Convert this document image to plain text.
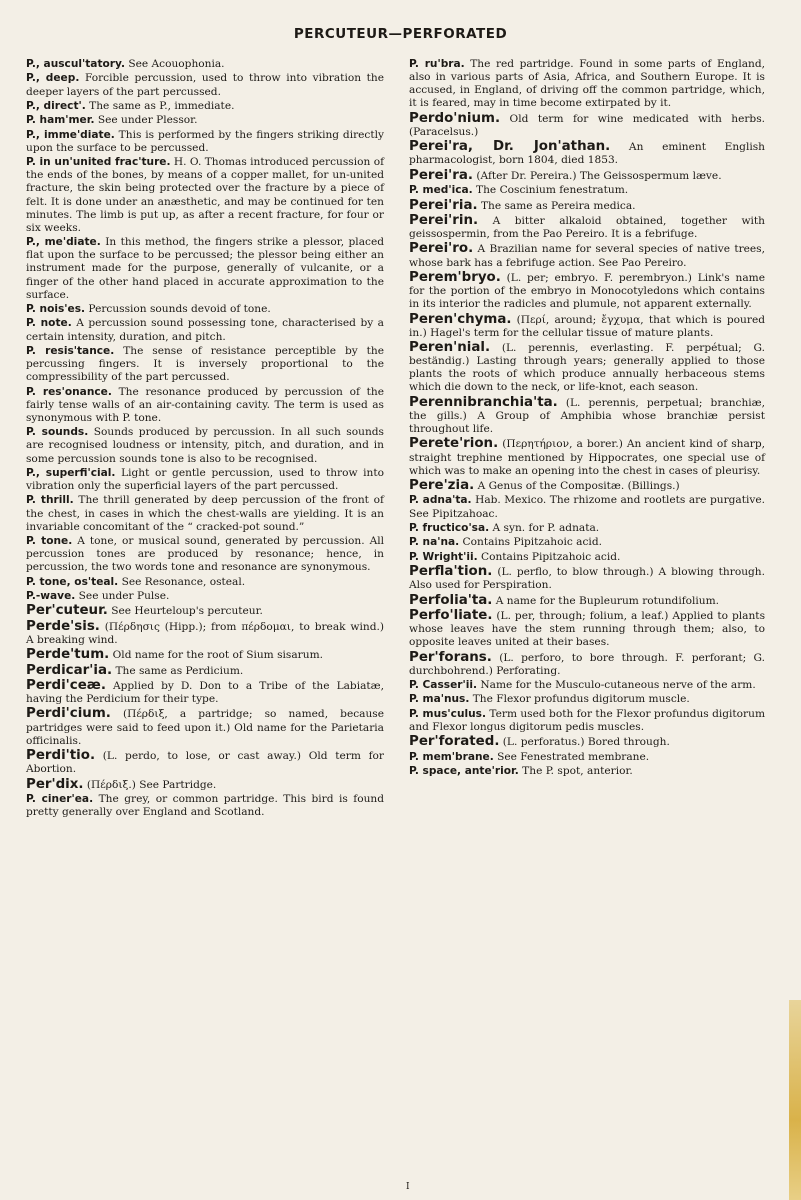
PERCUTEUR—PERFORATED

P., auscul'tatory. See Acouophonia.

P., deep. Forcible percussion, used to throw into vibration the deeper layers of the part percussed.

P., direct'. The same as P., immediate.

P. ham'mer. See under Plessor.

P., imme'diate. This is performed by the fingers striking directly upon the surface to be percussed.

P. in un'united frac'ture. H. O. Thomas introduced percussion of the ends of the bones, by means of a copper mallet, for un-united fracture, the skin being protected over the fracture by a piece of felt. It is done under an anæsthetic, and may be continued for ten minutes. The limb is put up, as after a recent fracture, for four or six weeks.

P., me'diate. In this method, the fingers strike a plessor, placed flat upon the surface to be percussed; the plessor being either an instrument made for the purpose, generally of vulcanite, or a finger of the other hand placed in accurate approximation to the surface.

P. nois'es. Percussion sounds devoid of tone.

P. note. A percussion sound possessing tone, characterised by a certain intensity, duration, and pitch.

P. resis'tance. The sense of resistance perceptible by the percussing fingers. It is inversely proportional to the compressibility of the part percussed.

P. res'onance. The resonance produced by percussion of the fairly tense walls of an air-containing cavity. The term is used as synonymous with P. tone.

P. sounds. Sounds produced by percussion. In all such sounds are recognised loudness or intensity, pitch, and duration, and in some percussion sounds tone is also to be recognised.

P., superfi'cial. Light or gentle percussion, used to throw into vibration only the superficial layers of the part percussed.

P. thrill. The thrill generated by deep percussion of the front of the chest, in cases in which the chest-walls are yielding. It is an invariable concomitant of the “ cracked-pot sound.”

P. tone. A tone, or musical sound, generated by percussion. All percussion tones are produced by resonance; hence, in percussion, the two words tone and resonance are synonymous.

P. tone, os'teal. See Resonance, osteal.

P.-wave. See under Pulse.

Per'cuteur. See Heurteloup's percuteur.

Perde'sis. (Πέρδησις (Hipp.); from πέρδομαι, to break wind.) A breaking wind.

Perde'tum. Old name for the root of Sium sisarum.

Perdicar'ia. The same as Perdicium.

Perdi'ceæ. Applied by D. Don to a Tribe of the Labiatæ, having the Perdicium for their type.

Perdi'cium. (Πέρδιξ, a partridge; so named, because partridges were said to feed upon it.) Old name for the Parietaria officinalis.

Perdi'tio. (L. perdo, to lose, or cast away.) Old term for Abortion.

Per'dix. (Πέρδιξ.) See Partridge.

P. ciner'ea. The grey, or common partridge. This bird is found pretty generally over England and Scotland.

P. ru'bra. The red partridge. Found in some parts of England, also in various parts of Asia, Africa, and Southern Europe. It is accused, in England, of driving off the common partridge, which, it is feared, may in time become extirpated by it.

Perdo'nium. Old term for wine medicated with herbs. (Paracelsus.)

Perei'ra, Dr. Jon'athan. An eminent English pharmacologist, born 1804, died 1853.

Perei'ra. (After Dr. Pereira.) The Geissospermum læve.

P. med'ica. The Coscinium fenestratum.

Perei'ria. The same as Pereira medica.

Perei'rin. A bitter alkaloid obtained, together with geissospermin, from the Pao Pereiro. It is a febrifuge.

Perei'ro. A Brazilian name for several species of native trees, whose bark has a febrifuge action. See Pao Pereiro.

Perem'bryo. (L. per; embryo. F. perembryon.) Link's name for the portion of the embryo in Monocotyledons which contains in its interior the radicles and plumule, not apparent externally.

Peren'chyma. (Περί, around; ἔγχυμα, that which is poured in.) Hagel's term for the cellular tissue of mature plants.

Peren'nial. (L. perennis, everlasting. F. perpétual; G. beständig.) Lasting through years; generally applied to those plants the roots of which produce annually herbaceous stems which die down to the neck, or life-knot, each season.

Perennibranchia'ta. (L. perennis, perpetual; branchiæ, the gills.) A Group of Amphibia whose branchiæ persist throughout life.

Perete'rion. (Περητήριον, a borer.) An ancient kind of sharp, straight trephine mentioned by Hippocrates, one special use of which was to make an opening into the chest in cases of pleurisy.

Pere'zia. A Genus of the Compositæ. (Billings.)

P. adna'ta. Hab. Mexico. The rhizome and rootlets are purgative. See Pipitzahoac.

P. fructico'sa. A syn. for P. adnata.

P. na'na. Contains Pipitzahoic acid.

P. Wright'ii. Contains Pipitzahoic acid.

Perfla'tion. (L. perflo, to blow through.) A blowing through. Also used for Perspiration.

Perfolia'ta. A name for the Bupleurum rotundifolium.

Perfo'liate. (L. per, through; folium, a leaf.) Applied to plants whose leaves have the stem running through them; also, to opposite leaves united at their bases.

Per'forans. (L. perforo, to bore through. F. perforant; G. durchbohrend.) Perforating.

P. Casser'ii. Name for the Musculo-cutaneous nerve of the arm.

P. ma'nus. The Flexor profundus digitorum muscle.

P. mus'culus. Term used both for the Flexor profundus digitorum and Flexor longus digitorum pedis muscles.

Per'forated. (L. perforatus.) Bored through.

P. mem'brane. See Fenestrated membrane.

P. space, ante'rior. The P. spot, anterior.

I
